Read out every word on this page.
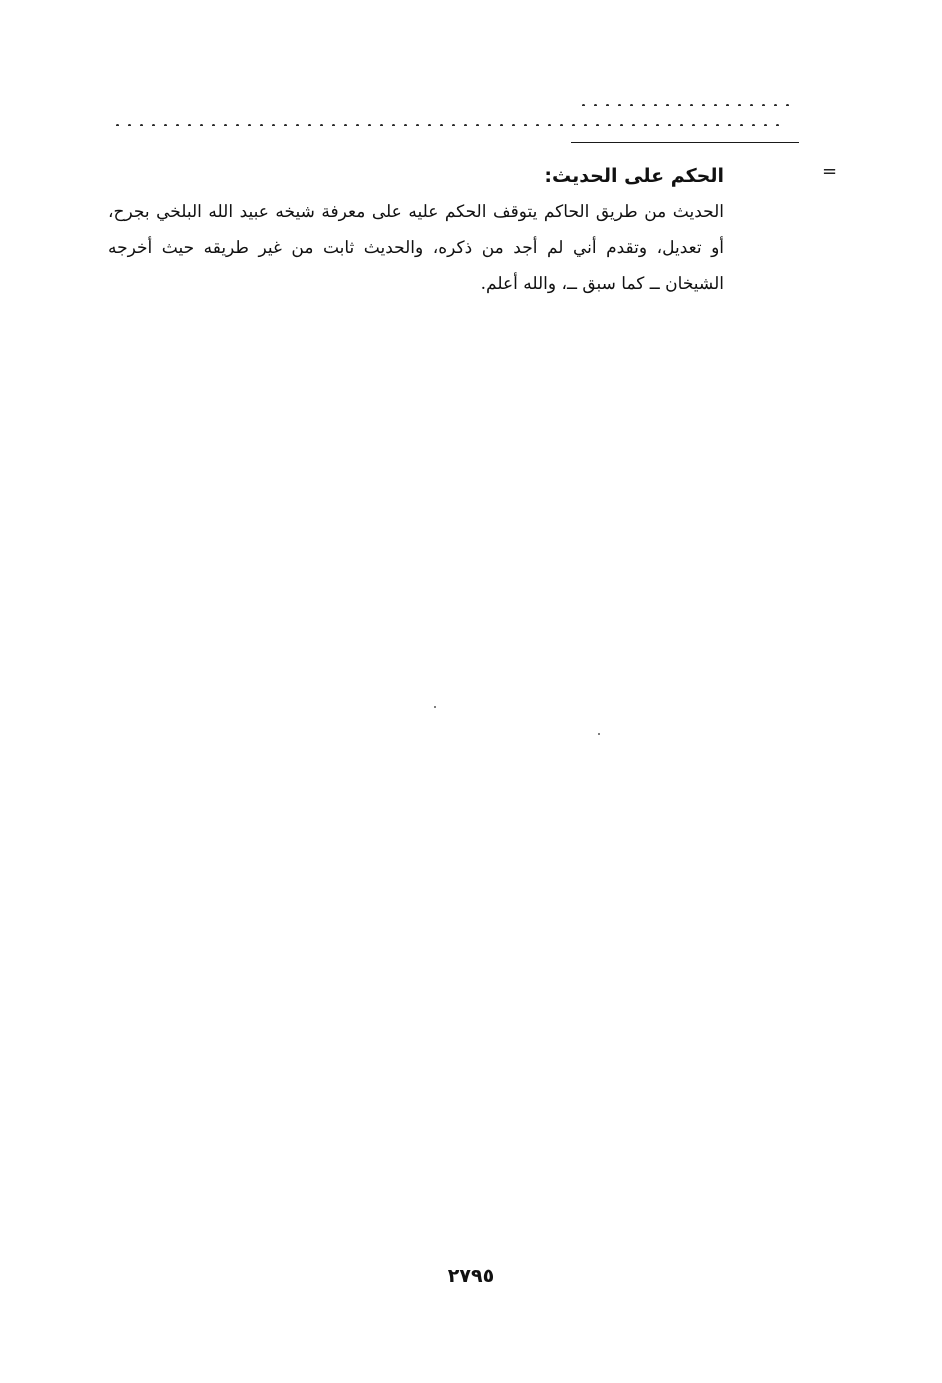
=

الحكم على الحديث:

الحديث من طريق الحاكم يتوقف الحكم عليه على معرفة شيخه عبيد الله البلخي بجرح، أو تعديل، وتقدم أني لم أجد من ذكره، والحديث ثابت من غير طريقه حيث أخرجه الشيخان ــ كما سبق ــ، والله أعلم.

٢٧٩٥
